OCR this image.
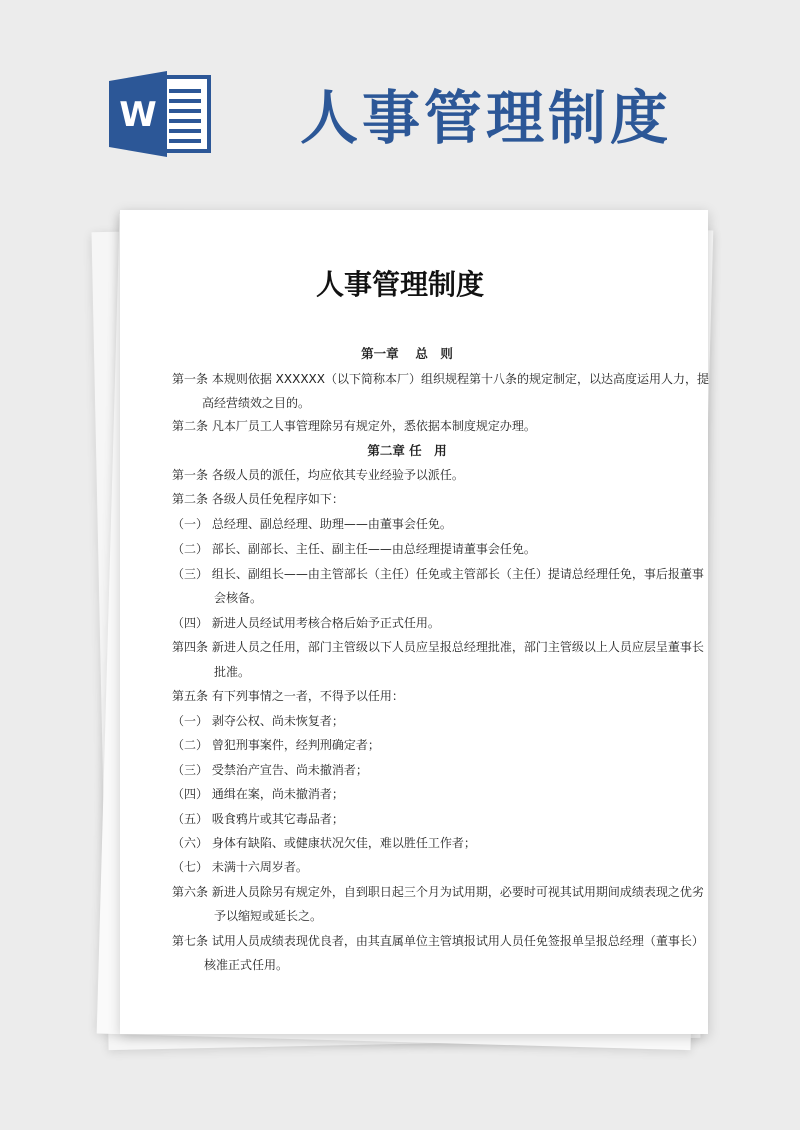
W 人事管理制度
人事管理制度
第一章　 总　则
第一条 本规则依据 XXXXXX（以下简称本厂）组织规程第十八条的规定制定，以达高度运用人力，提
高经营绩效之目的。
第二条 凡本厂员工人事管理除另有规定外，悉依据本制度规定办理。
第二章 任　用
第一条 各级人员的派任，均应依其专业经验予以派任。
第二条 各级人员任免程序如下：
（一） 总经理、副总经理、助理——由董事会任免。
（二） 部长、副部长、主任、副主任——由总经理提请董事会任免。
（三） 组长、副组长——由主管部长（主任）任免或主管部长（主任）提请总经理任免，事后报董事
会核备。
（四） 新进人员经试用考核合格后始予正式任用。
第四条 新进人员之任用，部门主管级以下人员应呈报总经理批准，部门主管级以上人员应层呈董事长
批准。
第五条 有下列事情之一者，不得予以任用：
（一） 剥夺公权、尚未恢复者；
（二） 曾犯刑事案件，经判刑确定者；
（三） 受禁治产宣告、尚未撤消者；
（四） 通缉在案，尚未撤消者；
（五） 吸食鸦片或其它毒品者；
（六） 身体有缺陷、或健康状况欠佳，难以胜任工作者；
（七） 未满十六周岁者。
第六条 新进人员除另有规定外，自到职日起三个月为试用期，必要时可视其试用期间成绩表现之优劣
予以缩短或延长之。
第七条 试用人员成绩表现优良者，由其直属单位主管填报试用人员任免签报单呈报总经理（董事长）
核准正式任用。
